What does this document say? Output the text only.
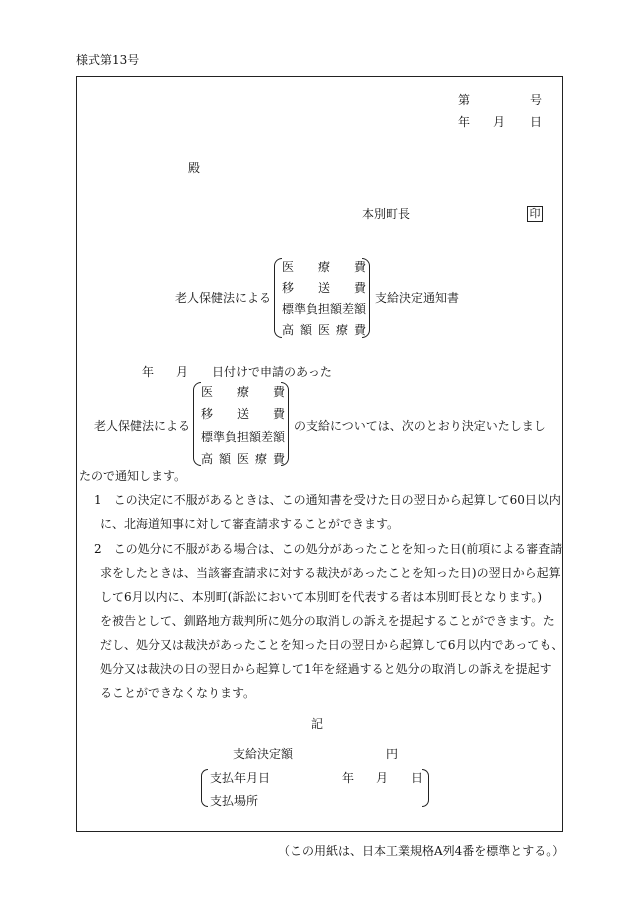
様式第13号
第	号
年 月 日
殿
本別町長	印
老人保健法による
医　療　費
移　送　費
標準負担額差額
高 額 医 療 費
支給決定通知書
年 月 日付けで申請のあった
老人保健法による
医　療　費
移　送　費
標準負担額差額
高 額 医 療 費
の支給については、次のとおり決定いたしまし
たので通知します。
1　この決定に不服があるときは、この通知書を受けた日の翌日から起算して60日以内
に、北海道知事に対して審査請求することができます。
2　この処分に不服がある場合は、この処分があったことを知った日(前項による審査請
求をしたときは、当該審査請求に対する裁決があったことを知った日)の翌日から起算
して6月以内に、本別町(訴訟において本別町を代表する者は本別町長となります。)
を被告として、釧路地方裁判所に処分の取消しの訴えを提起することができます。た
だし、処分又は裁決があったことを知った日の翌日から起算して6月以内であっても、
処分又は裁決の日の翌日から起算して1年を経過すると処分の取消しの訴えを提起す
ることができなくなります。
記
支給決定額	円
支払年月日	年 月 日
支払場所
（この用紙は、日本工業規格A列4番を標準とする。）
